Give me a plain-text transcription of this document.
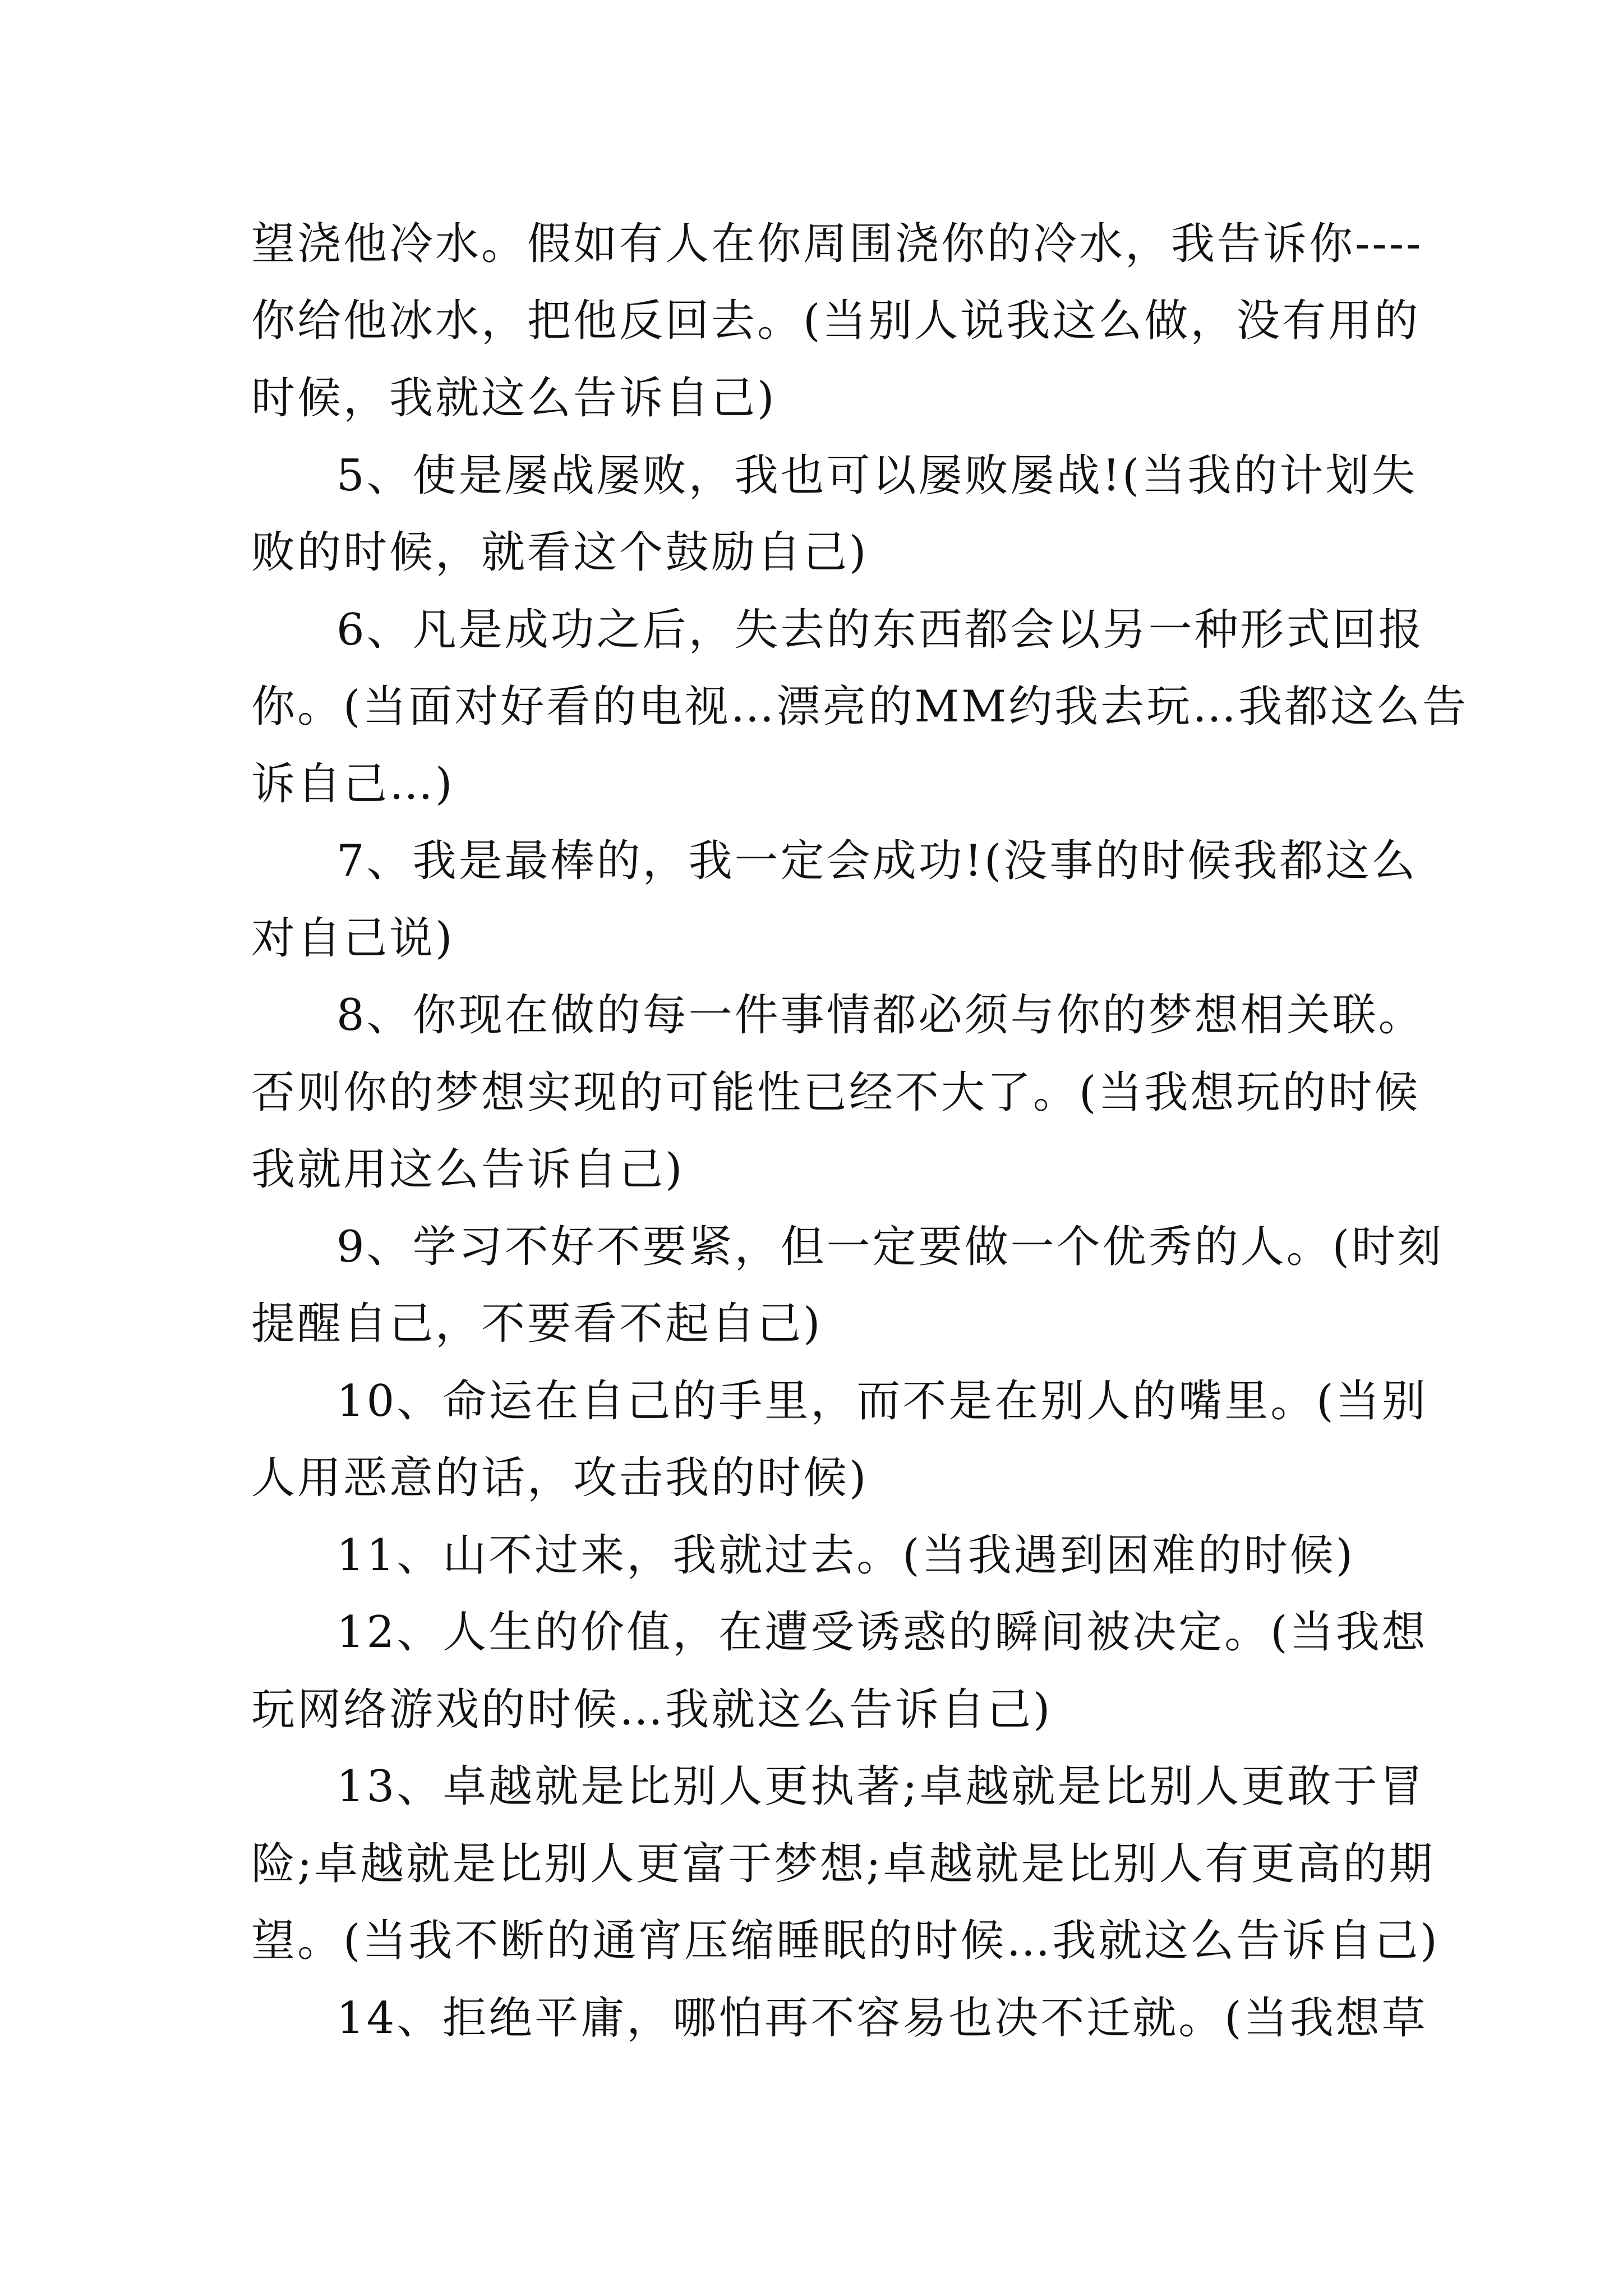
望浇他冷水。假如有人在你周围浇你的冷水，我告诉你----
你给他冰水，把他反回去。(当别人说我这么做，没有用的
时候，我就这么告诉自己)
5、使是屡战屡败，我也可以屡败屡战!(当我的计划失
败的时候，就看这个鼓励自己)
6、凡是成功之后，失去的东西都会以另一种形式回报
你。(当面对好看的电视…漂亮的MM约我去玩…我都这么告
诉自己…)
7、我是最棒的，我一定会成功!(没事的时候我都这么
对自己说)
8、你现在做的每一件事情都必须与你的梦想相关联。
否则你的梦想实现的可能性已经不大了。(当我想玩的时候
我就用这么告诉自己)
9、学习不好不要紧，但一定要做一个优秀的人。(时刻
提醒自己，不要看不起自己)
10、命运在自己的手里，而不是在别人的嘴里。(当别
人用恶意的话，攻击我的时候)
11、山不过来，我就过去。(当我遇到困难的时候)
12、人生的价值，在遭受诱惑的瞬间被决定。(当我想
玩网络游戏的时候…我就这么告诉自己)
13、卓越就是比别人更执著;卓越就是比别人更敢于冒
险;卓越就是比别人更富于梦想;卓越就是比别人有更高的期
望。(当我不断的通宵压缩睡眠的时候…我就这么告诉自己)
14、拒绝平庸，哪怕再不容易也决不迁就。(当我想草
